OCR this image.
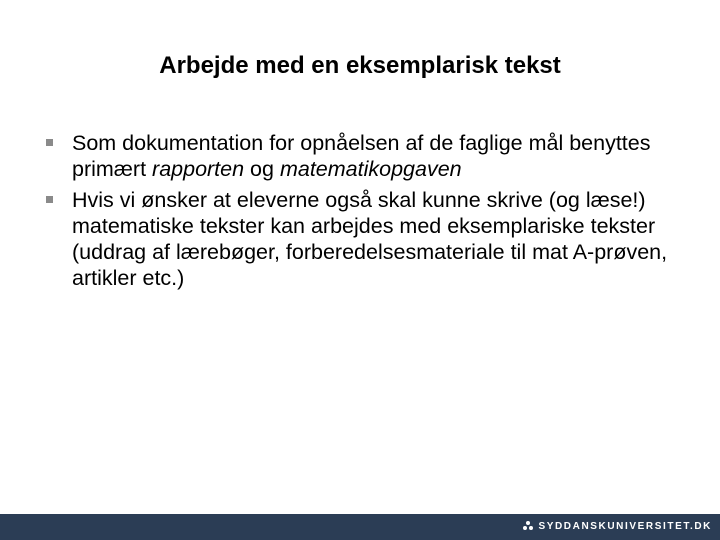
Arbejde med en eksemplarisk tekst
Som dokumentation for opnåelsen af de faglige mål benyttes primært rapporten og matematikopgaven
Hvis vi ønsker at eleverne også skal kunne skrive (og læse!) matematiske tekster kan arbejdes med eksemplariske tekster (uddrag af lærebøger, forberedelsesmateriale til mat A-prøven, artikler etc.)
SYDDANSKUNIVERSITET.DK
